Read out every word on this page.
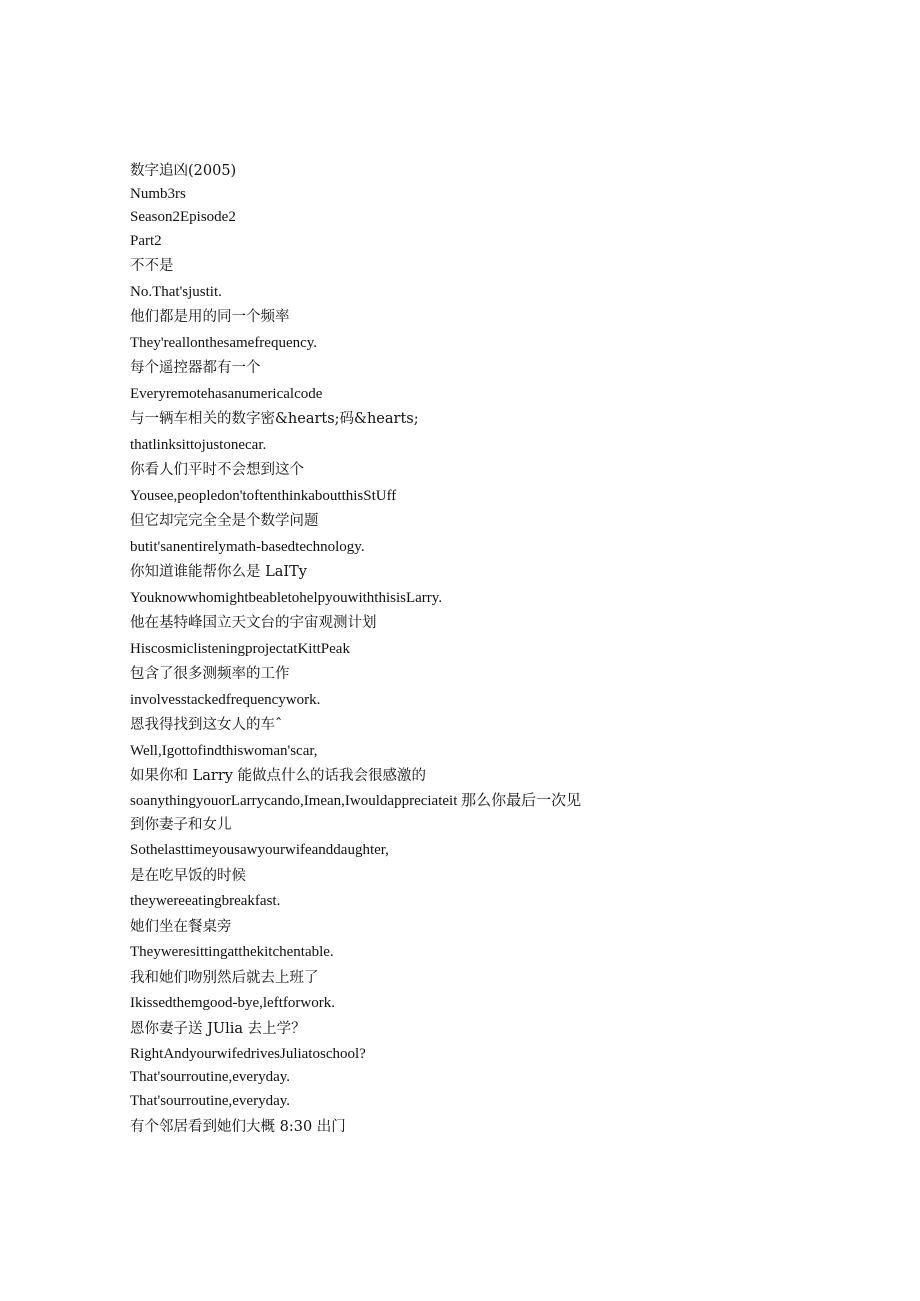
数字追凶(2005)
Numb3rs
Season2Episode2
Part2
不不是
No.That'sjustit.
他们都是用的同一个频率
They'reallonthesamefrequency.
每个遥控器都有一个
Everyremotehasanumericalcode
与一辆车相关的数字密&hearts;码&hearts;
thatlinksittojustonecar.
你看人们平时不会想到这个
Yousee,peopledon'toftenthinkaboutthisStUff
但它却完完全全是个数学问题
butit'sanentirelymath-basedtechnology.
你知道谁能帮你么是 LaITy
YouknowwhomightbeabletohelpyouwiththisisLarry.
他在基特峰国立天文台的宇宙观测计划
HiscosmiclisteningprojectatKittPeak
包含了很多测频率的工作
involvesstackedfrequencywork.
恩我得找到这女人的车ˆ
Well,Igottofindthiswoman'scar,
如果你和 Larry 能做点什么的话我会很感激的
soanythingyouorLarrycando,Imean,Iwouldappreciateit 那么你最后一次见
到你妻子和女儿
Sothelasttimeyousawyourwifeanddaughter,
是在吃早饭的时候
theywereeatingbreakfast.
她们坐在餐桌旁
Theyweresittingatthekitchentable.
我和她们吻别然后就去上班了
Ikissedthemgood-bye,leftforwork.
恩你妻子送 JUlia 去上学？
RightAndyourwifedrivesJuliatoschool?
That'sourroutine,everyday.
That'sourroutine,everyday.
有个邻居看到她们大概 8:30 出门
